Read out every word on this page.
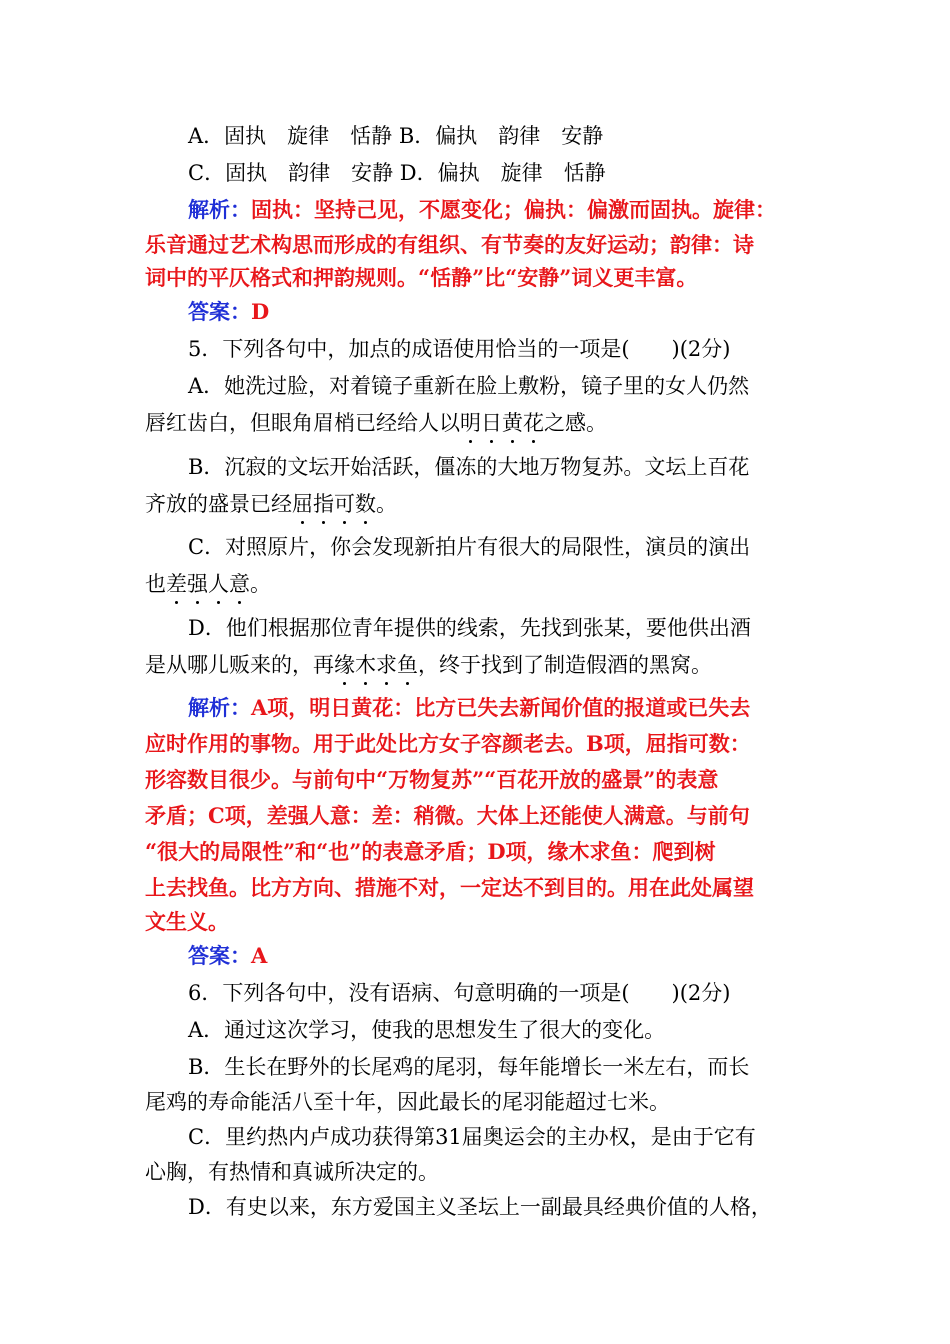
A．固执　旋律　恬静 B．偏执　韵律　安静
C．固执　韵律　安静 D．偏执　旋律　恬静
解析：固执：坚持己见，不愿变化；偏执：偏激而固执。旋律：
乐音通过艺术构思而形成的有组织、有节奏的友好运动；韵律：诗
词中的平仄格式和押韵规则。“恬静”比“安静”词义更丰富。
答案：D
5．下列各句中，加点的成语使用恰当的一项是(　　)(2分)
A．她洗过脸，对着镜子重新在脸上敷粉，镜子里的女人仍然
唇红齿白，但眼角眉梢已经给人以明日黄花之感。
B．沉寂的文坛开始活跃，僵冻的大地万物复苏。文坛上百花
齐放的盛景已经屈指可数。
C．对照原片，你会发现新拍片有很大的局限性，演员的演出
也差强人意。
D．他们根据那位青年提供的线索，先找到张某，要他供出酒
是从哪儿贩来的，再缘木求鱼，终于找到了制造假酒的黑窝。
解析：A项，明日黄花：比方已失去新闻价值的报道或已失去
应时作用的事物。用于此处比方女子容颜老去。B项，屈指可数：
形容数目很少。与前句中“万物复苏”“百花开放的盛景”的表意
矛盾；C项，差强人意：差：稍微。大体上还能使人满意。与前句
“很大的局限性”和“也”的表意矛盾；D项，缘木求鱼：爬到树
上去找鱼。比方方向、措施不对，一定达不到目的。用在此处属望
文生义。
答案：A
6．下列各句中，没有语病、句意明确的一项是(　　)(2分)
A．通过这次学习，使我的思想发生了很大的变化。
B．生长在野外的长尾鸡的尾羽，每年能增长一米左右，而长
尾鸡的寿命能活八至十年，因此最长的尾羽能超过七米。
C．里约热内卢成功获得第31届奥运会的主办权，是由于它有
心胸，有热情和真诚所决定的。
D．有史以来，东方爱国主义圣坛上一副最具经典价值的人格，
